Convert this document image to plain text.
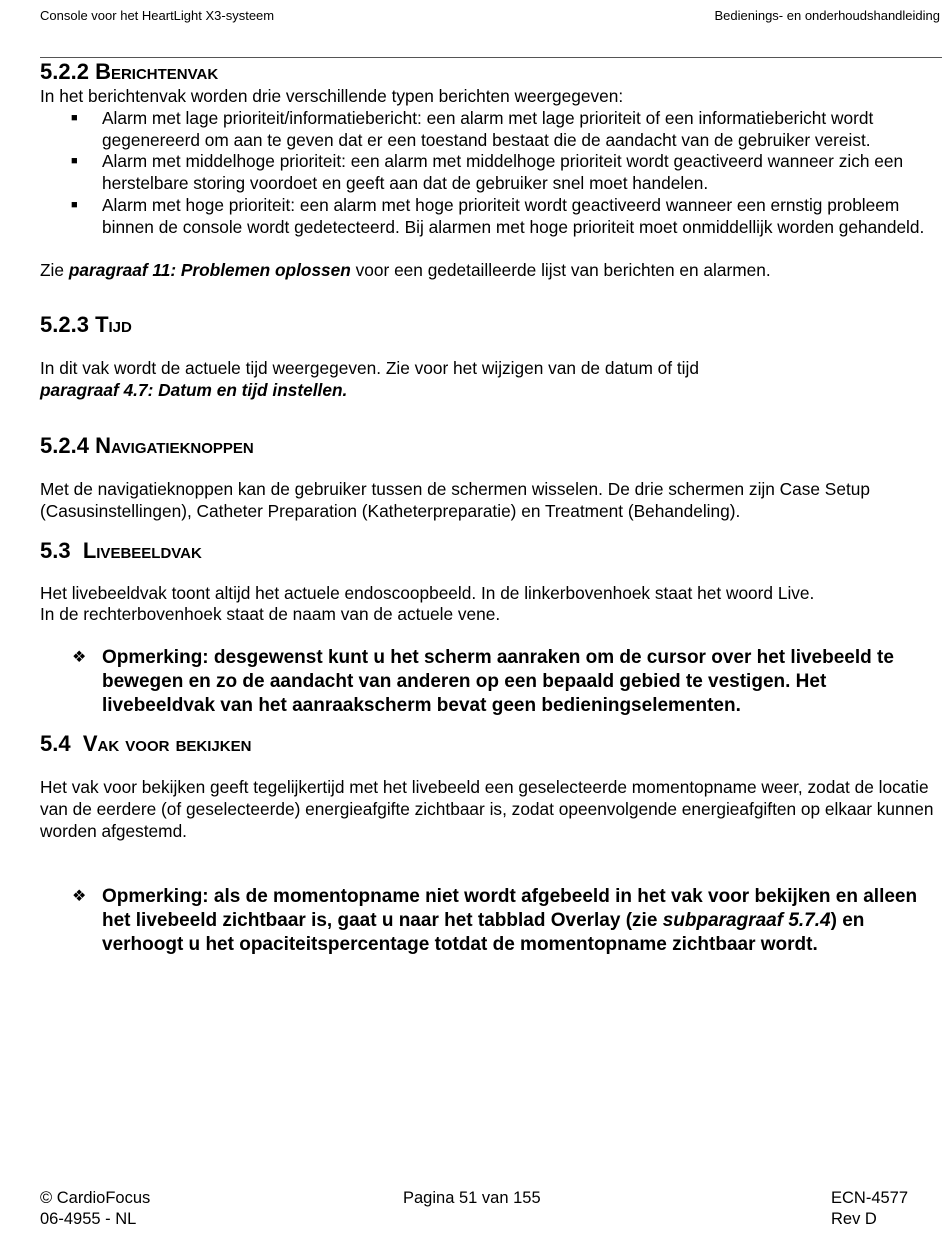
Console voor het HeartLight X3-systeem	Bedienings- en onderhoudshandleiding
5.2.2 Berichtenvak

In het berichtenvak worden drie verschillende typen berichten weergegeven:

■ Alarm met lage prioriteit/informatiebericht: een alarm met lage prioriteit of een informatiebericht wordt gegenereerd om aan te geven dat er een toestand bestaat die de aandacht van de gebruiker vereist.
■ Alarm met middelhoge prioriteit: een alarm met middelhoge prioriteit wordt geactiveerd wanneer zich een herstelbare storing voordoet en geeft aan dat de gebruiker snel moet handelen.
■ Alarm met hoge prioriteit: een alarm met hoge prioriteit wordt geactiveerd wanneer een ernstig probleem binnen de console wordt gedetecteerd. Bij alarmen met hoge prioriteit moet onmiddellijk worden gehandeld.

Zie paragraaf 11: Problemen oplossen voor een gedetailleerde lijst van berichten en alarmen.

5.2.3 Tijd

In dit vak wordt de actuele tijd weergegeven. Zie voor het wijzigen van de datum of tijd

paragraaf 4.7: Datum en tijd instellen.

5.2.4 Navigatieknoppen

Met de navigatieknoppen kan de gebruiker tussen de schermen wisselen. De drie schermen zijn Case Setup (Casusinstellingen), Catheter Preparation (Katheterpreparatie) en Treatment (Behandeling).

5.3 Livebeeldvak

Het livebeeldvak toont altijd het actuele endoscoopbeeld. In de linkerbovenhoek staat het woord Live.

In de rechterbovenhoek staat de naam van de actuele vene.

❖ Opmerking: desgewenst kunt u het scherm aanraken om de cursor over het livebeeld te bewegen en zo de aandacht van anderen op een bepaald gebied te vestigen. Het livebeeldvak van het aanraakscherm bevat geen bedieningselementen.
5.4 Vak voor bekijken

Het vak voor bekijken geeft tegelijkertijd met het livebeeld een geselecteerde momentopname weer, zodat de locatie van de eerdere (of geselecteerde) energieafgifte zichtbaar is, zodat opeenvolgende energieafgiften op elkaar kunnen worden afgestemd.

❖ Opmerking: als de momentopname niet wordt afgebeeld in het vak voor bekijken en alleen het livebeeld zichtbaar is, gaat u naar het tabblad Overlay (zie subparagraaf 5.7.4) en verhoogt u het opaciteitspercentage totdat de momentopname zichtbaar wordt.
© CardioFocus
06-4955 - NL
Pagina 51 van 155	ECN-4577
Rev D
